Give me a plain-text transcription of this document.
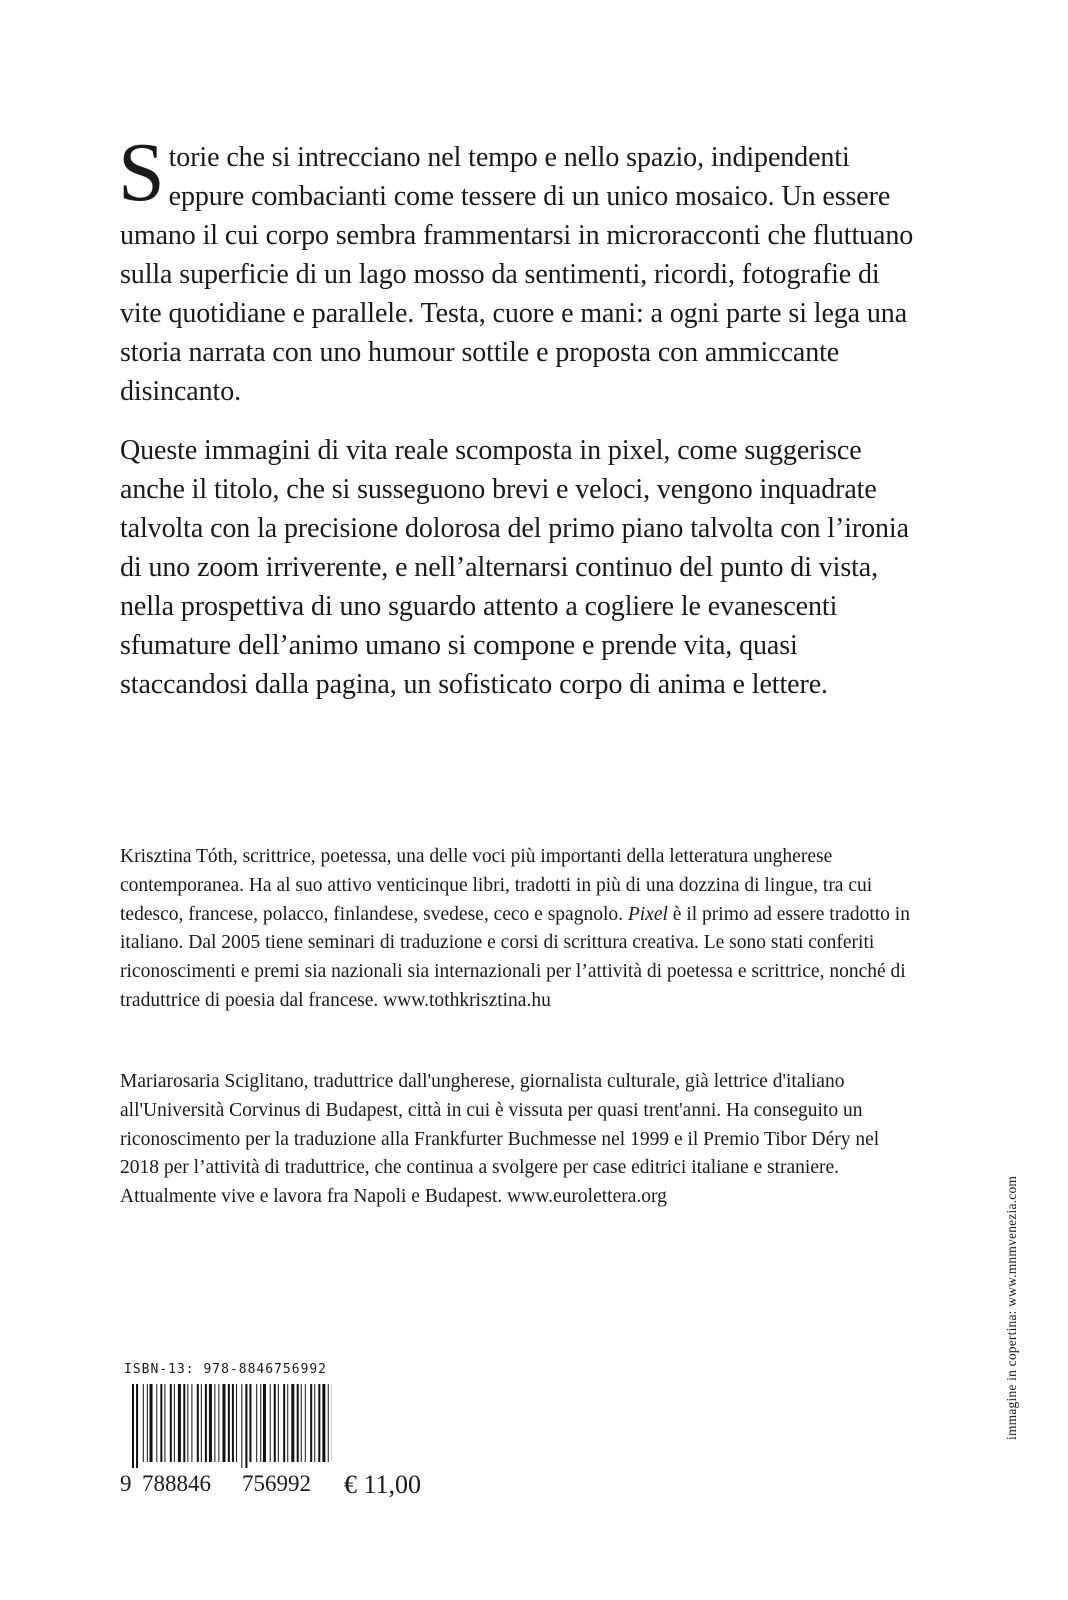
Storie che si intrecciano nel tempo e nello spazio, indipendenti eppure combacianti come tessere di un unico mosaico. Un essere umano il cui corpo sembra frammentarsi in microracconti che fluttuano sulla superficie di un lago mosso da sentimenti, ricordi, fotografie di vite quotidiane e parallele. Testa, cuore e mani: a ogni parte si lega una storia narrata con uno humour sottile e proposta con ammiccante disincanto.

Queste immagini di vita reale scomposta in pixel, come suggerisce anche il titolo, che si susseguono brevi e veloci, vengono inquadrate talvolta con la precisione dolorosa del primo piano talvolta con l’ironia di uno zoom irriverente, e nell’alternarsi continuo del punto di vista, nella prospettiva di uno sguardo attento a cogliere le evanescenti sfumature dell’animo umano si compone e prende vita, quasi staccandosi dalla pagina, un sofisticato corpo di anima e lettere.

Krisztina Tóth, scrittrice, poetessa, una delle voci più importanti della letteratura ungherese contemporanea. Ha al suo attivo venticinque libri, tradotti in più di una dozzina di lingue, tra cui tedesco, francese, polacco, finlandese, svedese, ceco e spagnolo. Pixel è il primo ad essere tradotto in italiano. Dal 2005 tiene seminari di traduzione e corsi di scrittura creativa. Le sono stati conferiti riconoscimenti e premi sia nazionali sia internazionali per l’attività di poetessa e scrittrice, nonché di traduttrice di poesia dal francese. www.tothkrisztina.hu

Mariarosaria Sciglitano, traduttrice dall'ungherese, giornalista culturale, già lettrice d'italiano all'Università Corvinus di Budapest, città in cui è vissuta per quasi trent'anni. Ha conseguito un riconoscimento per la traduzione alla Frankfurter Buchmesse nel 1999 e il Premio Tibor Déry nel 2018 per l’attività di traduttrice, che continua a svolgere per case editrici italiane e straniere. Attualmente vive e lavora fra Napoli e Budapest. www.eurolettera.org

ISBN-13: 978-8846756992
9 788846 756992 € 11,00
immagine in copertina: www.mnmvenezia.com
